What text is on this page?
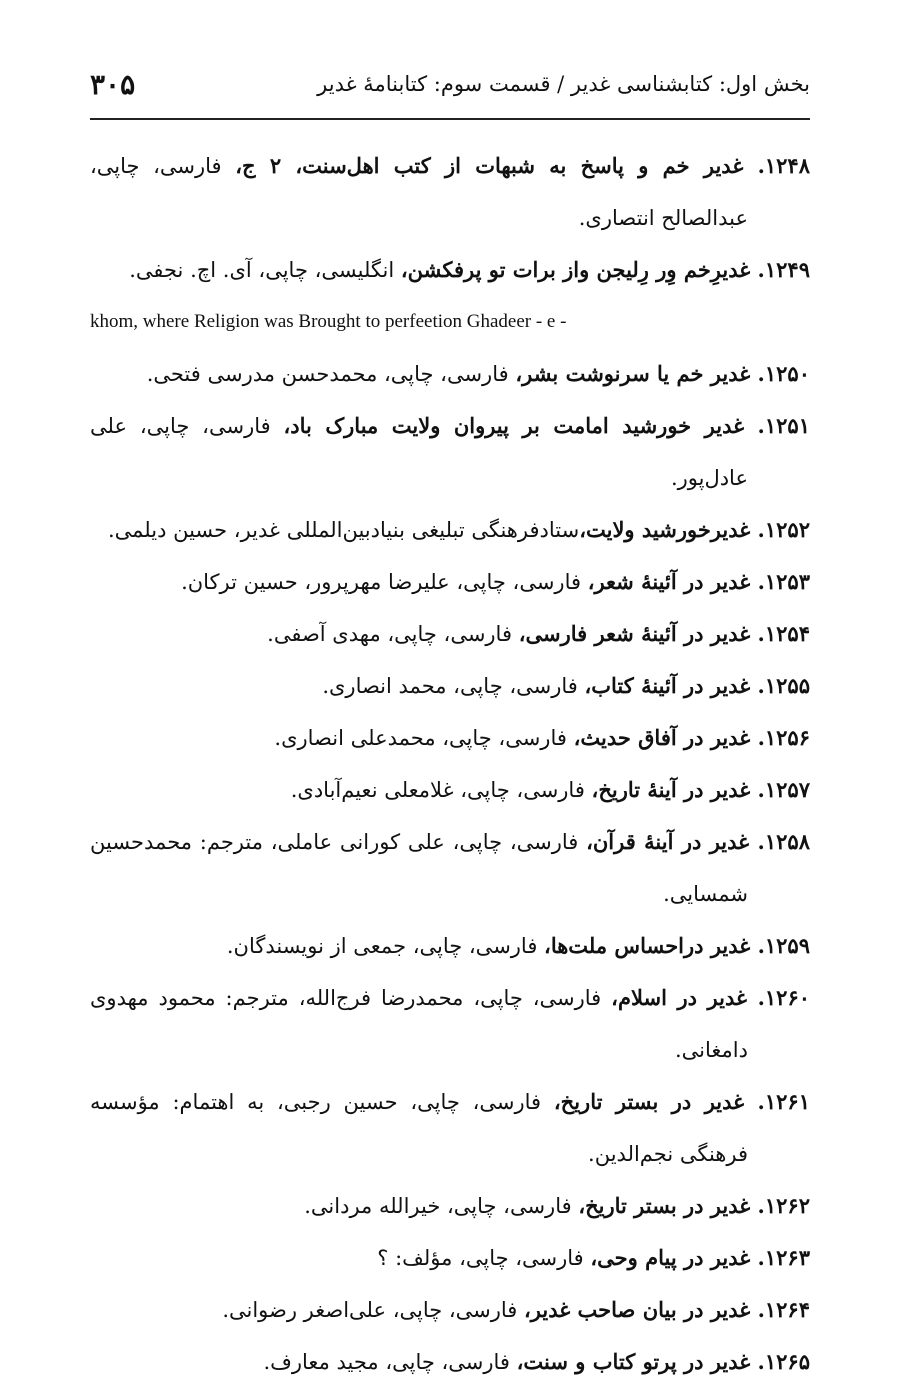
بخش اول: کتابشناسی غدیر / قسمت سوم: کتابنامهٔ غدیر
۳۰۵

۱۲۴۸. غدیر خم و پاسخ به شبهات از کتب اهل‌سنت، ۲ ج، فارسی، چاپی، عبدالصالح انتصاری.

۱۲۴۹. غدیرِخم وِر رِلیجن واز برات تو پرفکشن، انگلیسی، چاپی، آی. اچ. نجفی.

khom, where Religion was Brought to perfeetion Ghadeer - e -

۱۲۵۰. غدیر خم یا سرنوشت بشر، فارسی، چاپی، محمدحسن مدرسی فتحی.

۱۲۵۱. غدیر خورشید امامت بر پیروان ولایت مبارک باد، فارسی، چاپی، علی عادل‌پور.

۱۲۵۲. غدیرخورشید ولایت،ستادفرهنگی تبلیغی بنیادبین‌المللی غدیر، حسین دیلمی.

۱۲۵۳. غدیر در آئینهٔ شعر، فارسی، چاپی، علیرضا مهرپرور، حسین ترکان.

۱۲۵۴. غدیر در آئینهٔ شعر فارسی، فارسی، چاپی، مهدی آصفی.

۱۲۵۵. غدیر در آئینهٔ کتاب، فارسی، چاپی، محمد انصاری.

۱۲۵۶. غدیر در آفاق حدیث، فارسی، چاپی، محمدعلی انصاری.

۱۲۵۷. غدیر در آینهٔ تاریخ، فارسی، چاپی، غلامعلی نعیم‌آبادی.

۱۲۵۸. غدیر در آینهٔ قرآن، فارسی، چاپی، علی کورانی عاملی، مترجم: محمدحسین شمسایی.

۱۲۵۹. غدیر دراحساس ملت‌ها، فارسی، چاپی، جمعی از نویسندگان.

۱۲۶۰. غدیر در اسلام، فارسی، چاپی، محمدرضا فرج‌الله، مترجم: محمود مهدوی دامغانی.

۱۲۶۱. غدیر در بستر تاریخ، فارسی، چاپی، حسین رجبی، به اهتمام: مؤسسه فرهنگی نجم‌الدین.

۱۲۶۲. غدیر در بستر تاریخ، فارسی، چاپی، خیرالله مردانی.

۱۲۶۳. غدیر در پیام وحی، فارسی، چاپی، مؤلف: ؟

۱۲۶۴. غدیر در بیان صاحب غدیر، فارسی، چاپی، علی‌اصغر رضوانی.

۱۲۶۵. غدیر در پرتو کتاب و سنت، فارسی، چاپی، مجید معارف.
